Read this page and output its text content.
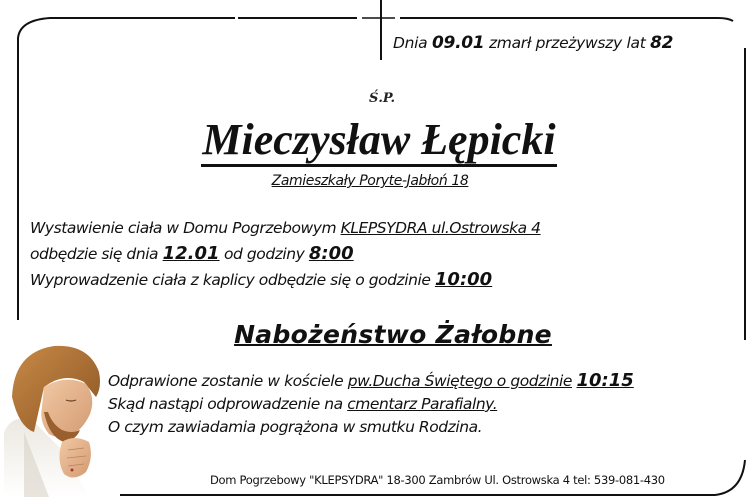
Dnia 09.01 zmarł przeżywszy lat 82
Ś.P.
Mieczysław Łępicki
Zamieszkały Poryte-Jabłoń 18
Wystawienie ciała w Domu Pogrzebowym KLEPSYDRA ul.Ostrowska 4
odbędzie się dnia 12.01 od godziny 8:00
Wyprowadzenie ciała z kaplicy odbędzie się o godzinie 10:00
Nabożeństwo Żałobne
Odprawione zostanie w kościele pw.Ducha Świętego o godzinie 10:15
Skąd nastąpi odprowadzenie na cmentarz Parafialny.
O czym zawiadamia pogrążona w smutku Rodzina.
Dom Pogrzebowy "KLEPSYDRA" 18-300 Zambrów Ul. Ostrowska 4 tel: 539-081-430
